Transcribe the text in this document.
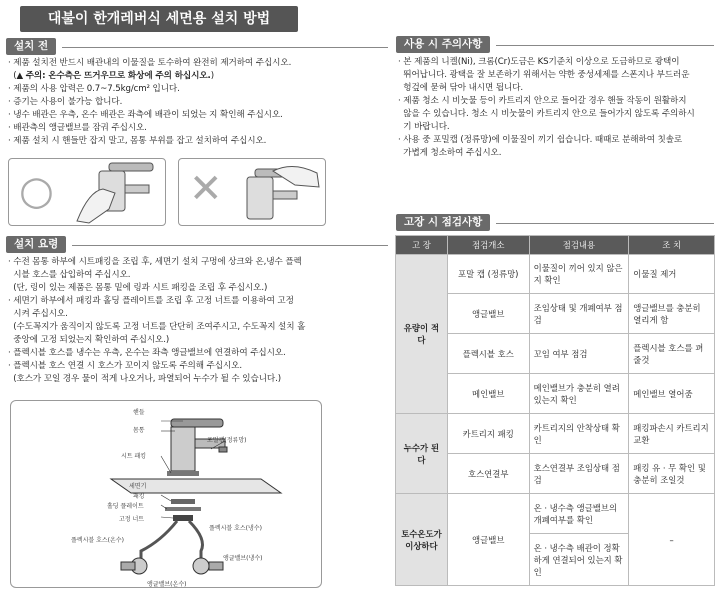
대불이 한개레버식 세면용 설치 방법
설치 전
· 제품 설치전 반드시 배관내의 이물질을 토수하여 완전히 제거하여 주십시오.
(▲ 주의: 온수측은 뜨거우므로 화상에 주의 하십시오.)
· 제품의 사용 압력은 0.7~7.5kg/cm² 입니다.
· 증기는 사용이 불가능 합니다.
· 냉수 배관은 우측, 온수 배관은 좌측에 배관이 되었는 지 확인해 주십시오.
· 배관측의 앵글밸브를 잠궈 주십시오.
· 제품 설치 시 핸들만 잡지 말고, 몸통 부위를 잡고 설치하여 주십시오.
○	✕
설치 요령
· 수전 몸통 하부에 시트패킹을 조립 후, 세면기 설치 구멍에 상크와 온,냉수 플렉
시블 호스를 삽입하여 주십시오.
(단, 링이 있는 제품은 몸통 밑에 링과 시트 패킹을 조립 후 주십시오.)
· 세면기 하부에서 패킹과 홀딩 플레이트를 조립 후 고정 너트를 이용하여 고정
시켜 주십시오.
(수도꼭지가 움직이지 않도록 고정 너트를 단단히 조여주시고, 수도꼭지 설치 홀
중앙에 고정 되었는지 확인하여 주십시오.)
· 플렉시블 호스를 냉수는 우측, 온수는 좌측 앵글밸브에 연결하여 주십시오.
· 플렉시블 호스 연결 시 호스가 꼬이지 않도록 주의해 주십시오.
(호스가 꼬일 경우 물이 적게 나오거나, 파열되어 누수가 될 수 있습니다.)
핸들
몸통
포밀캡(정류망)
시트 패킹
세면기
패킹
홀딩 플레이트
고정 너트
플렉시블 호스(온수)
플렉시블 호스(냉수)
앵글밸브(온수)
앵글밸브(냉수)
사용 시 주의사항
· 본 제품의 니켈(Ni), 크롬(Cr)도금은 KS기준치 이상으로 도금하므로 광택이
뛰어납니다. 광택을 잘 보존하기 위해서는 약한 중성세제를 스폰지나 부드러운
헝겊에 묻혀 닦아 내시면 됩니다.
· 제품 청소 시 비눗물 등이 카트리지 안으로 들어갈 경우 핸들 작동이 원활하지
않을 수 있습니다. 청소 시 비눗물이 카트리지 안으로 들어가지 않도록 주의하시
기 바랍니다.
· 사용 중 포밀캡 (정류망)에 이물질이 끼기 쉽습니다. 때때로 분해하여 칫솔로
가볍게 청소하여 주십시오.
고장 시 점검사항
고 장	점검개소	점검내용	조 치
유량이 적다	포말 캡 (정류망)	이물질이 끼어 있지 않은지 확인	이물질 제거
	앵글밸브	조임상태 및 개폐여부 점검	앵글밸브를 충분히 열리게 함
	플렉시블 호스	꼬임 여부 점검	플렉시블 호스를 펴줄것
	메인밸브	메인밸브가 충분히 열려 있는지 확인	메인밸브 열어줌
누수가 된다	카트리지 패킹	카트리지의 안착상태 확인	패킹파손시 카트리지 교환
	호스연결부	호스연결부 조임상태 점검	패킹 유 · 무 확인 및 충분히 조일것
토수온도가 이상하다	앵글밸브	온 · 냉수측 앵글밸브의 개폐여부를 확인	–
		온 · 냉수측 배관이 정확하게 연결되어 있는지 확인	
